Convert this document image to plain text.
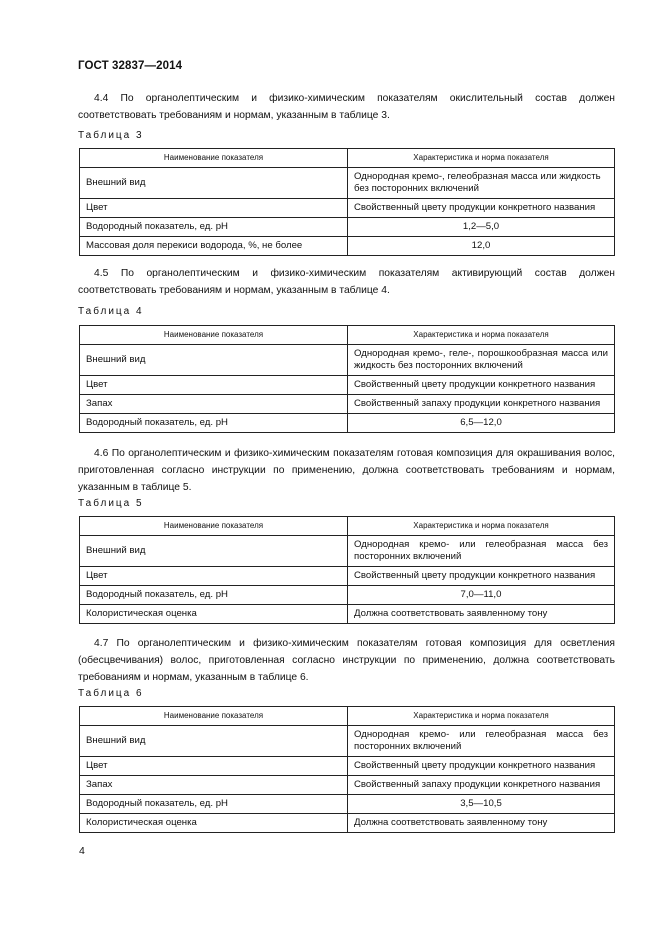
ГОСТ 32837—2014
4.4 По органолептическим и физико-химическим показателям окислительный состав должен соответствовать требованиям и нормам, указанным в таблице 3.
Таблица 3
Наименование показателя	Характеристика и норма показателя
Внешний вид	Однородная кремо-, гелеобразная масса или жидкость без посторонних включений
Цвет	Свойственный цвету продукции конкретного названия
Водородный показатель, ед. pH	1,2—5,0
Массовая доля перекиси водорода, %, не более	12,0
4.5 По органолептическим и физико-химическим показателям активирующий состав должен соответствовать требованиям и нормам, указанным в таблице 4.
Таблица 4
Наименование показателя	Характеристика и норма показателя
Внешний вид	Однородная кремо-, геле-, порошкообразная масса или жидкость без посторонних включений
Цвет	Свойственный цвету продукции конкретного названия
Запах	Свойственный запаху продукции конкретного названия
Водородный показатель, ед. pH	6,5—12,0
4.6 По органолептическим и физико-химическим показателям готовая композиция для окрашивания волос, приготовленная согласно инструкции по применению, должна соответствовать требованиям и нормам, указанным в таблице 5.
Таблица 5
Наименование показателя	Характеристика и норма показателя
Внешний вид	Однородная кремо- или гелеобразная масса без посторонних включений
Цвет	Свойственный цвету продукции конкретного названия
Водородный показатель, ед. pH	7,0—11,0
Колористическая оценка	Должна соответствовать заявленному тону
4.7 По органолептическим и физико-химическим показателям готовая композиция для осветления (обесцвечивания) волос, приготовленная согласно инструкции по применению, должна соответствовать требованиям и нормам, указанным в таблице 6.
Таблица 6
Наименование показателя	Характеристика и норма показателя
Внешний вид	Однородная кремо- или гелеобразная масса без посторонних включений
Цвет	Свойственный цвету продукции конкретного названия
Запах	Свойственный запаху продукции конкретного названия
Водородный показатель, ед. pH	3,5—10,5
Колористическая оценка	Должна соответствовать заявленному тону
4
